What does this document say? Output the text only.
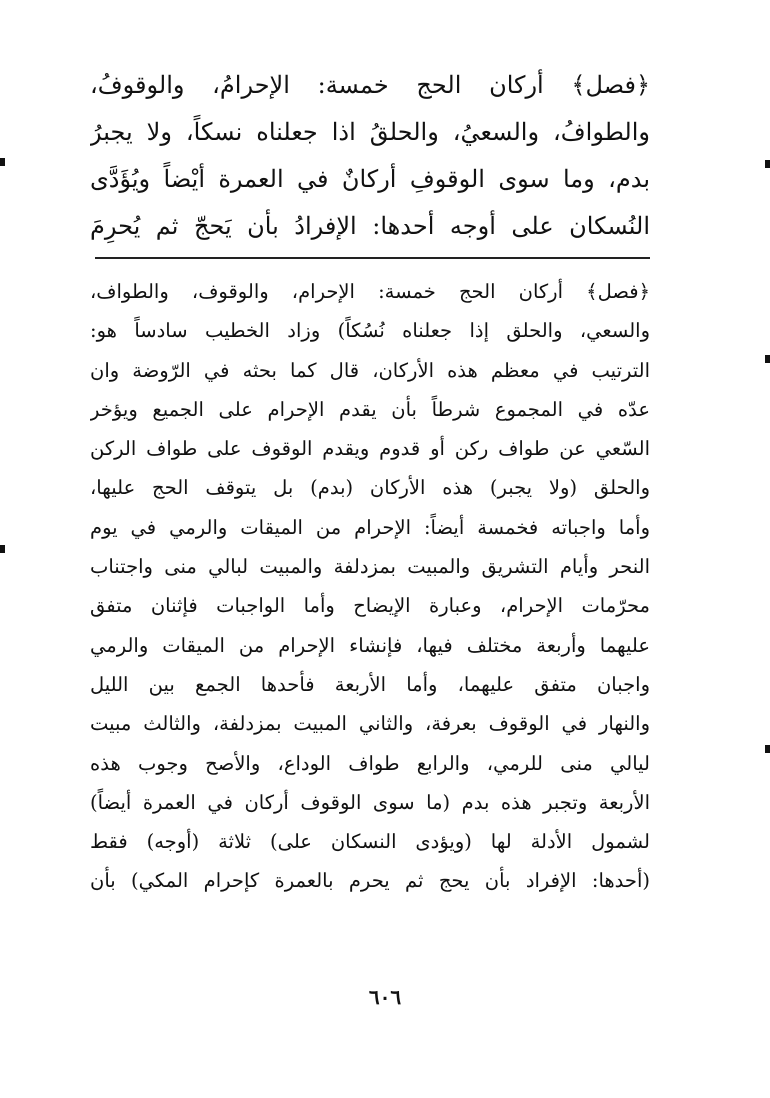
﴿فصل﴾ أركان الحج خمسة: الإحرامُ، والوقوفُ،
والطوافُ، والسعيُ، والحلقُ اذا جعلناه نسكاً، ولا يجبرُ
بدم، وما سوى الوقوفِ أركانٌ في العمرة أيْضاً ويُؤَدَّى
النُسكان على أوجه أحدها: الإفرادُ بأن يَحجّ ثم يُحرِمَ
﴿فصل﴾ أركان الحج خمسة: الإحرام، والوقوف، والطواف،
والسعي، والحلق إذا جعلناه نُسُكاً) وزاد الخطيب سادساً هو:
الترتيب في معظم هذه الأركان، قال كما بحثه في الرّوضة وان
عدّه في المجموع شرطاً بأن يقدم الإحرام على الجميع ويؤخر
السّعي عن طواف ركن أو قدوم ويقدم الوقوف على طواف الركن
والحلق (ولا يجبر) هذه الأركان (بدم) بل يتوقف الحج عليها،
وأما واجباته فخمسة أيضاً: الإحرام من الميقات والرمي في يوم
النحر وأيام التشريق والمبيت بمزدلفة والمبيت لبالي منى واجتناب
محرّمات الإحرام، وعبارة الإيضاح وأما الواجبات فإثنان متفق
عليهما وأربعة مختلف فيها، فإنشاء الإحرام من الميقات والرمي
واجبان متفق عليهما، وأما الأربعة فأحدها الجمع بين الليل
والنهار في الوقوف بعرفة، والثاني المبيت بمزدلفة، والثالث مبيت
ليالي منى للرمي، والرابع طواف الوداع، والأصح وجوب هذه
الأربعة وتجبر هذه بدم (ما سوى الوقوف أركان في العمرة أيضاً)
لشمول الأدلة لها (ويؤدى النسكان على) ثلاثة (أوجه) فقط
(أحدها: الإفراد بأن يحج ثم يحرم بالعمرة كإحرام المكي) بأن
٦٠٦
